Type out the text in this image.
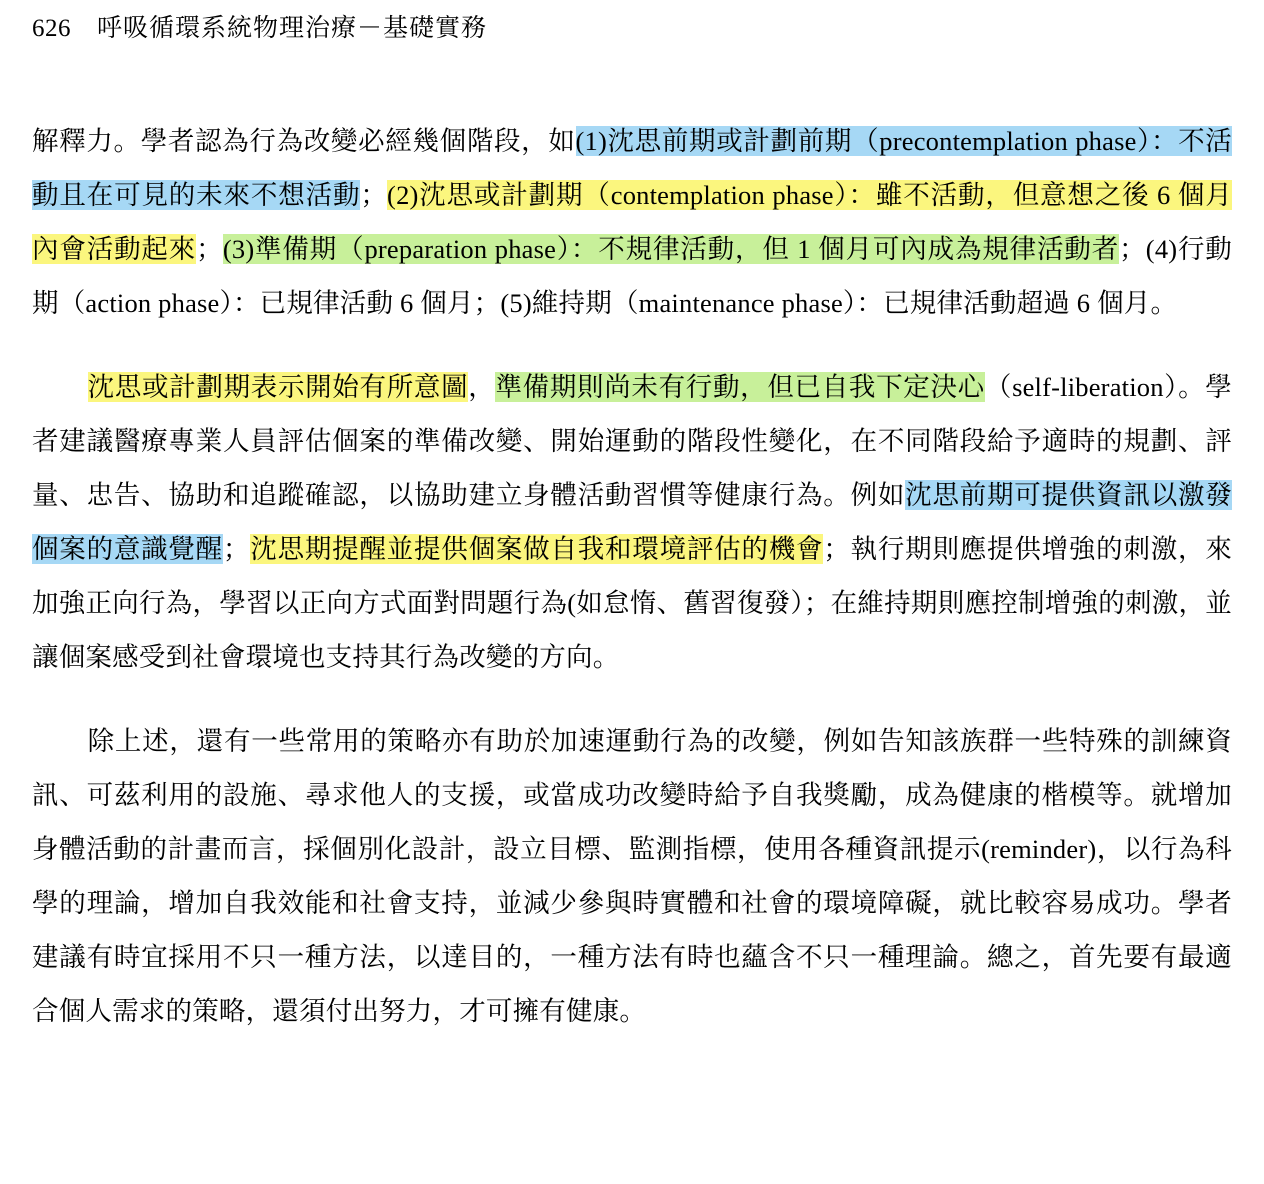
626 呼吸循環系統物理治療－基礎實務

解釋力。學者認為行為改變必經幾個階段，如(1)沈思前期或計劃前期（precontemplation phase）：不活動且在可見的未來不想活動；(2)沈思或計劃期（contemplation phase）：雖不活動，但意想之後 6 個月內會活動起來；(3)準備期（preparation phase）：不規律活動，但 1 個月可內成為規律活動者；(4)行動期（action phase）：已規律活動 6 個月；(5)維持期（maintenance phase）：已規律活動超過 6 個月。

沈思或計劃期表示開始有所意圖，準備期則尚未有行動，但已自我下定決心（self-liberation）。學者建議醫療專業人員評估個案的準備改變、開始運動的階段性變化，在不同階段給予適時的規劃、評量、忠告、協助和追蹤確認，以協助建立身體活動習慣等健康行為。例如沈思前期可提供資訊以激發個案的意識覺醒；沈思期提醒並提供個案做自我和環境評估的機會；執行期則應提供增強的刺激，來加強正向行為，學習以正向方式面對問題行為(如怠惰、舊習復發）；在維持期則應控制增強的刺激，並讓個案感受到社會環境也支持其行為改變的方向。

除上述，還有一些常用的策略亦有助於加速運動行為的改變，例如告知該族群一些特殊的訓練資訊、可茲利用的設施、尋求他人的支援，或當成功改變時給予自我獎勵，成為健康的楷模等。就增加身體活動的計畫而言，採個別化設計，設立目標、監測指標，使用各種資訊提示(reminder)，以行為科學的理論，增加自我效能和社會支持，並減少參與時實體和社會的環境障礙，就比較容易成功。學者建議有時宜採用不只一種方法，以達目的，一種方法有時也蘊含不只一種理論。總之，首先要有最適合個人需求的策略，還須付出努力，才可擁有健康。
